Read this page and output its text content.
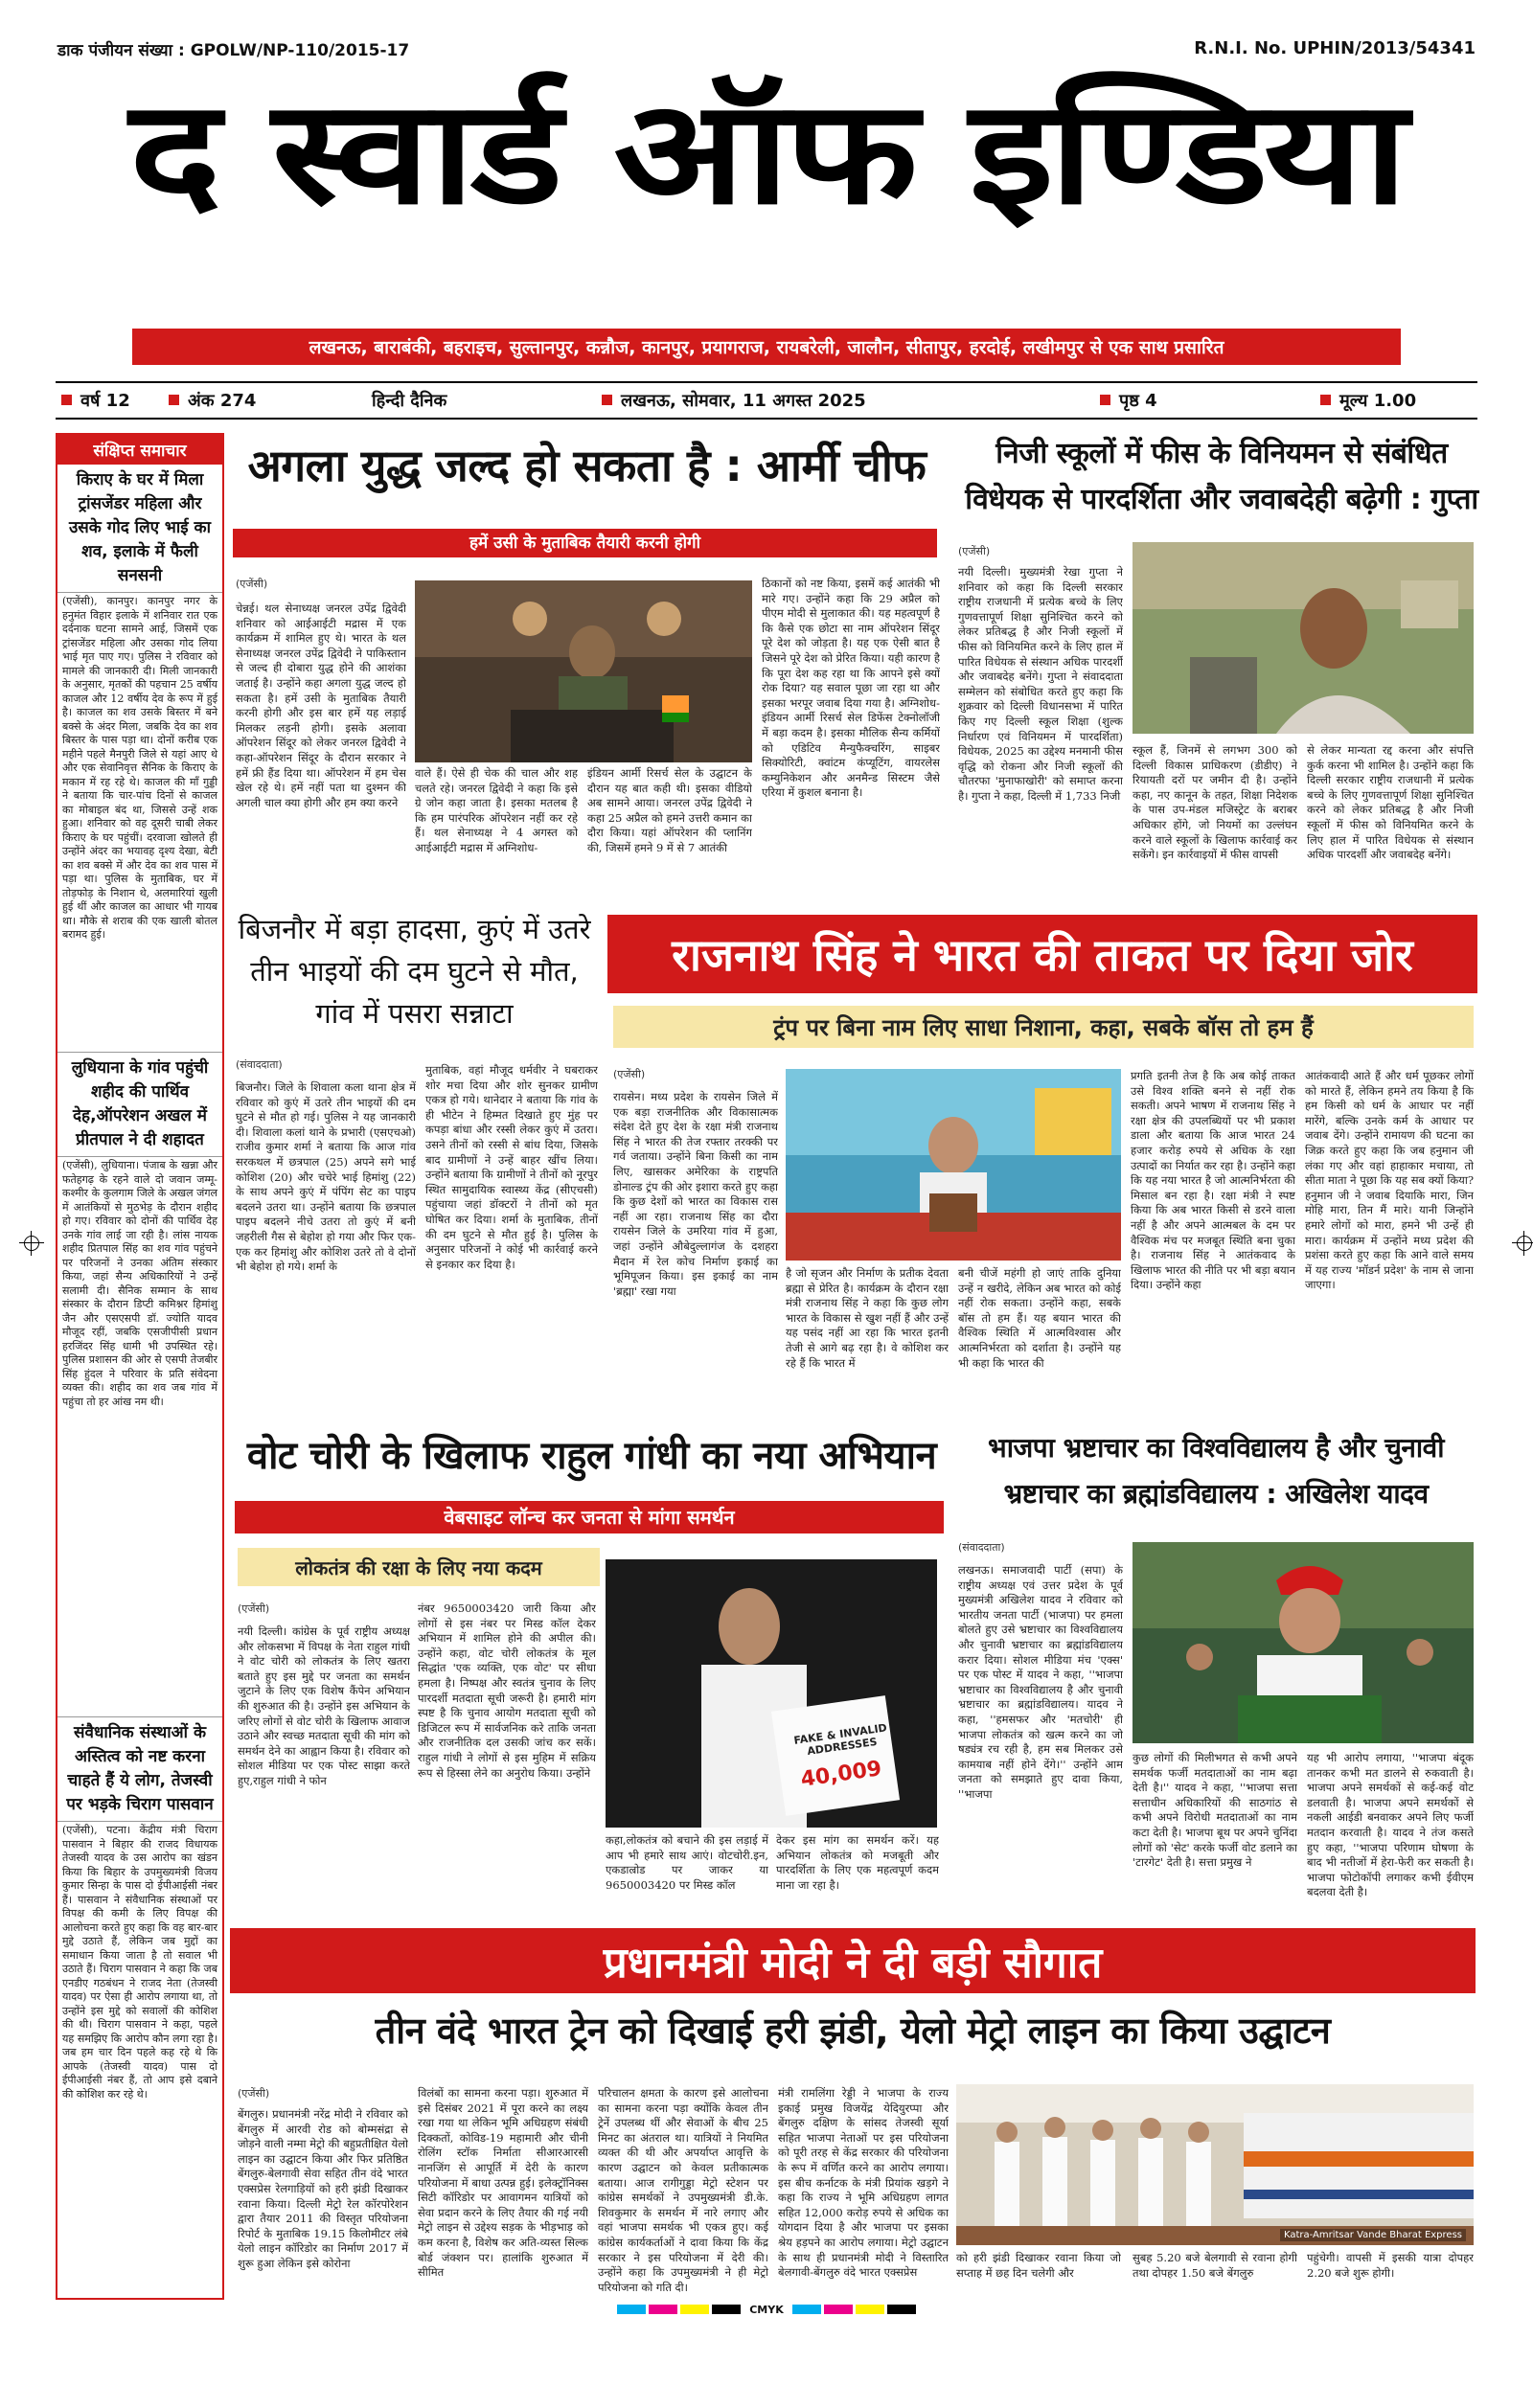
डाक पंजीयन संख्या : GPOLW/NP-110/2015-17	R.N.I. No. UPHIN/2013/54341
द स्वार्ड ऑफ इण्डिया
लखनऊ, बाराबंकी, बहराइच, सुल्तानपुर, कन्नौज, कानपुर, प्रयागराज, रायबरेली, जालौन, सीतापुर, हरदोई, लखीमपुर से एक साथ प्रसारित
वर्ष 12	अंक 274	हिन्दी दैनिक	लखनऊ, सोमवार, 11 अगस्त 2025	पृष्ठ 4	मूल्य 1.00

संक्षिप्त समाचार
किराए के घर में मिला ट्रांसजेंडर महिला और उसके गोद लिए भाई का शव, इलाके में फैली सनसनी
(एजेंसी), कानपुर। कानपुर नगर के हनुमंत विहार इलाके में शनिवार रात एक दर्दनाक घटना सामने आई, जिसमें एक ट्रांसजेंडर महिला और उसका गोद लिया भाई मृत पाए गए। पुलिस ने रविवार को मामले की जानकारी दी। मिली जानकारी के अनुसार, मृतकों की पहचान 25 वर्षीय काजल और 12 वर्षीय देव के रूप में हुई है। काजल का शव उसके बिस्तर में बने बक्से के अंदर मिला, जबकि देव का शव बिस्तर के पास पड़ा था। दोनों करीब एक महीने पहले मैनपुरी जिले से यहां आए थे और एक सेवानिवृत्त सैनिक के किराए के मकान में रह रहे थे। काजल की माँ गुड्डी ने बताया कि चार-पांच दिनों से काजल का मोबाइल बंद था, जिससे उन्हें शक हुआ। शनिवार को वह दूसरी चाबी लेकर किराए के घर पहुंचीं। दरवाजा खोलते ही उन्होंने अंदर का भयावह दृश्य देखा, बेटी का शव बक्से में और देव का शव पास में पड़ा था। पुलिस के मुताबिक, घर में तोड़फोड़ के निशान थे, अलमारियां खुली हुई थीं और काजल का आधार भी गायब था। मौके से शराब की एक खाली बोतल बरामद हुई।
लुधियाना के गांव पहुंची शहीद की पार्थिव देह,ऑपरेशन अखल में प्रीतपाल ने दी शहादत
(एजेंसी), लुधियाना। पंजाब के खन्ना और फतेहगढ़ के रहने वाले दो जवान जम्मू-कश्मीर के कुलगाम जिले के अखल जंगल में आतंकियों से मुठभेड़ के दौरान शहीद हो गए। रविवार को दोनों की पार्थिव देह उनके गांव लाई जा रही है। लांस नायक शहीद प्रितपाल सिंह का शव गांव पहुंचने पर परिजनों ने उनका अंतिम संस्कार किया, जहां सैन्य अधिकारियों ने उन्हें सलामी दी। सैनिक सम्मान के साथ संस्कार के दौरान डिप्टी कमिश्नर हिमांशु जैन और एसएसपी डॉ. ज्योति यादव मौजूद रहीं, जबकि एसजीपीसी प्रधान हरजिंदर सिंह धामी भी उपस्थित रहे। पुलिस प्रशासन की ओर से एसपी तेजबीर सिंह हुंदल ने परिवार के प्रति संवेदना व्यक्त की। शहीद का शव जब गांव में पहुंचा तो हर आंख नम थी।
संवैधानिक संस्थाओं के अस्तित्व को नष्ट करना चाहते हैं ये लोग, तेजस्वी पर भड़के चिराग पासवान
(एजेंसी), पटना। केंद्रीय मंत्री चिराग पासवान ने बिहार की राजद विधायक तेजस्वी यादव के उस आरोप का खंडन किया कि बिहार के उपमुख्यमंत्री विजय कुमार सिन्हा के पास दो ईपीआईसी नंबर हैं। पासवान ने संवैधानिक संस्थाओं पर विपक्ष की कमी के लिए विपक्ष की आलोचना करते हुए कहा कि वह बार-बार मुद्दे उठाते हैं, लेकिन जब मुद्दों का समाधान किया जाता है तो सवाल भी उठाते हैं। चिराग पासवान ने कहा कि जब एनडीए गठबंधन ने राजद नेता (तेजस्वी यादव) पर ऐसा ही आरोप लगाया था, तो उन्होंने इस मुद्दे को सवालों की कोशिश की थी। चिराग पासवान ने कहा, पहले यह समझिए कि आरोप कौन लगा रहा है। जब हम चार दिन पहले कह रहे थे कि आपके (तेजस्वी यादव) पास दो ईपीआईसी नंबर हैं, तो आप इसे दबाने की कोशिश कर रहे थे।
अगला युद्ध जल्द हो सकता है : आर्मी चीफ
हमें उसी के मुताबिक तैयारी करनी होगी
(एजेंसी)
चेन्नई। थल सेनाध्यक्ष जनरल उपेंद्र द्विवेदी शनिवार को आईआईटी मद्रास में एक कार्यक्रम में शामिल हुए थे। भारत के थल सेनाध्यक्ष जनरल उपेंद्र द्विवेदी ने पाकिस्तान से जल्द ही दोबारा युद्ध होने की आशंका जताई है। उन्होंने कहा अगला युद्ध जल्द हो सकता है। हमें उसी के मुताबिक तैयारी करनी होगी और इस बार हमें यह लड़ाई मिलकर लड़नी होगी। इसके अलावा ऑपरेशन सिंदूर को लेकर जनरल द्विवेदी ने कहा-ऑपरेशन सिंदूर के दौरान सरकार ने हमें फ्री हैंड दिया था। ऑपरेशन में हम चेस खेल रहे थे। हमें नहीं पता था दुश्मन की अगली चाल क्या होगी और हम क्या करने
वाले हैं। ऐसे ही चेक की चाल और शह चलते रहे। जनरल द्विवेदी ने कहा कि इसे ग्रे जोन कहा जाता है। इसका मतलब है कि हम पारंपरिक ऑपरेशन नहीं कर रहे हैं। थल सेनाध्यक्ष ने 4 अगस्त को आईआईटी मद्रास में अग्निशोध-
इंडियन आर्मी रिसर्च सेल के उद्घाटन के दौरान यह बात कही थी। इसका वीडियो अब सामने आया। जनरल उपेंद्र द्विवेदी ने कहा 25 अप्रैल को हमने उत्तरी कमान का दौरा किया। यहां ऑपरेशन की प्लानिंग की, जिसमें हमने 9 में से 7 आतंकी
ठिकानों को नष्ट किया, इसमें कई आतंकी भी मारे गए। उन्होंने कहा कि 29 अप्रैल को पीएम मोदी से मुलाकात की। यह महत्वपूर्ण है कि कैसे एक छोटा सा नाम ऑपरेशन सिंदूर पूरे देश को जोड़ता है। यह एक ऐसी बात है जिसने पूरे देश को प्रेरित किया। यही कारण है कि पूरा देश कह रहा था कि आपने इसे क्यों रोक दिया? यह सवाल पूछा जा रहा था और इसका भरपूर जवाब दिया गया है। अग्निशोध-इंडियन आर्मी रिसर्च सेल डिफेंस टेक्नोलॉजी में बड़ा कदम है। इसका मौलिक सैन्य कर्मियों को एडिटिव मैन्युफैक्चरिंग, साइबर सिक्योरिटी, क्वांटम कंप्यूटिंग, वायरलेस कम्युनिकेशन और अनमैन्ड सिस्टम जैसे एरिया में कुशल बनाना है।
निजी स्कूलों में फीस के विनियमन से संबंधित
विधेयक से पारदर्शिता और जवाबदेही बढ़ेगी : गुप्ता
(एजेंसी)
नयी दिल्ली। मुख्यमंत्री रेखा गुप्ता ने शनिवार को कहा कि दिल्ली सरकार राष्ट्रीय राजधानी में प्रत्येक बच्चे के लिए गुणवत्तापूर्ण शिक्षा सुनिश्चित करने को लेकर प्रतिबद्ध है और निजी स्कूलों में फीस को विनियमित करने के लिए हाल में पारित विधेयक से संस्थान अधिक पारदर्शी और जवाबदेह बनेंगे। गुप्ता ने संवाददाता सम्मेलन को संबोधित करते हुए कहा कि शुक्रवार को दिल्ली विधानसभा में पारित किए गए दिल्ली स्कूल शिक्षा (शुल्क निर्धारण एवं विनियमन में पारदर्शिता) विधेयक, 2025 का उद्देश्य मनमानी फीस वृद्धि को रोकना और निजी स्कूलों की चौतरफा 'मुनाफाखोरी' को समाप्त करना है। गुप्ता ने कहा, दिल्ली में 1,733 निजी
स्कूल हैं, जिनमें से लगभग 300 को दिल्ली विकास प्राधिकरण (डीडीए) ने रियायती दरों पर जमीन दी है। उन्होंने कहा, नए कानून के तहत, शिक्षा निदेशक के पास उप-मंडल मजिस्ट्रेट के बराबर अधिकार होंगे, जो नियमों का उल्लंघन करने वाले स्कूलों के खिलाफ कार्रवाई कर सकेंगे। इन कार्रवाइयों में फीस वापसी
से लेकर मान्यता रद्द करना और संपत्ति कुर्क करना भी शामिल है। उन्होंने कहा कि दिल्ली सरकार राष्ट्रीय राजधानी में प्रत्येक बच्चे के लिए गुणवत्तापूर्ण शिक्षा सुनिश्चित करने को लेकर प्रतिबद्ध है और निजी स्कूलों में फीस को विनियमित करने के लिए हाल में पारित विधेयक से संस्थान अधिक पारदर्शी और जवाबदेह बनेंगे।
बिजनौर में बड़ा हादसा, कुएं में उतरे तीन भाइयों की दम घुटने से मौत, गांव में पसरा सन्नाटा
(संवाददाता)
बिजनौर। जिले के शिवाला कला थाना क्षेत्र में रविवार को कुएं में उतरे तीन भाइयों की दम घुटने से मौत हो गई। पुलिस ने यह जानकारी दी। शिवाला कलां थाने के प्रभारी (एसएचओ) राजीव कुमार शर्मा ने बताया कि आज गांव सरकथल में छत्रपाल (25) अपने सगे भाई कोशिश (20) और चचेरे भाई हिमांशु (22) के साथ अपने कुएं में पंपिंग सेट का पाइप बदलने उतरा था। उन्होंने बताया कि छत्रपाल पाइप बदलने नीचे उतरा तो कुएं में बनी जहरीली गैस से बेहोश हो गया और फिर एक-एक कर हिमांशु और कोशिश उतरे तो वे दोनों भी बेहोश हो गये। शर्मा के
मुताबिक, वहां मौजूद धर्मवीर ने घबराकर शोर मचा दिया और शोर सुनकर ग्रामीण एकत्र हो गये। थानेदार ने बताया कि गांव के ही भीटेन ने हिम्मत दिखाते हुए मुंह पर कपड़ा बांधा और रस्सी लेकर कुएं में उतरा। उसने तीनों को रस्सी से बांध दिया, जिसके बाद ग्रामीणों ने उन्हें बाहर खींच लिया। उन्होंने बताया कि ग्रामीणों ने तीनों को नूरपुर स्थित सामुदायिक स्वास्थ्य केंद्र (सीएचसी) पहुंचाया जहां डॉक्टरों ने तीनों को मृत घोषित कर दिया। शर्मा के मुताबिक, तीनों की दम घुटने से मौत हुई है। पुलिस के अनुसार परिजनों ने कोई भी कार्रवाई करने से इनकार कर दिया है।
राजनाथ सिंह ने भारत की ताकत पर दिया जोर
ट्रंप पर बिना नाम लिए साधा निशाना, कहा, सबके बॉस तो हम हैं
(एजेंसी)
रायसेन। मध्य प्रदेश के रायसेन जिले में एक बड़ा राजनीतिक और विकासात्मक संदेश देते हुए देश के रक्षा मंत्री राजनाथ सिंह ने भारत की तेज रफ्तार तरक्की पर गर्व जताया। उन्होंने बिना किसी का नाम लिए, खासकर अमेरिका के राष्ट्रपति डोनाल्ड ट्रंप की ओर इशारा करते हुए कहा कि कुछ देशों को भारत का विकास रास नहीं आ रहा। राजनाथ सिंह का दौरा रायसेन जिले के उमरिया गांव में हुआ, जहां उन्होंने औबेदुल्लागंज के दशहरा मैदान में रेल कोच निर्माण इकाई का भूमिपूजन किया। इस इकाई का नाम 'ब्रह्मा' रखा गया
है जो सृजन और निर्माण के प्रतीक देवता ब्रह्मा से प्रेरित है। कार्यक्रम के दौरान रक्षा मंत्री राजनाथ सिंह ने कहा कि कुछ लोग भारत के विकास से खुश नहीं हैं और उन्हें यह पसंद नहीं आ रहा कि भारत इतनी तेजी से आगे बढ़ रहा है। वे कोशिश कर रहे हैं कि भारत में
बनी चीजें महंगी हो जाएं ताकि दुनिया उन्हें न खरीदे, लेकिन अब भारत को कोई नहीं रोक सकता। उन्होंने कहा, सबके बॉस तो हम हैं। यह बयान भारत की वैश्विक स्थिति में आत्मविश्वास और आत्मनिर्भरता को दर्शाता है। उन्होंने यह भी कहा कि भारत की
प्रगति इतनी तेज है कि अब कोई ताकत उसे विश्व शक्ति बनने से नहीं रोक सकती। अपने भाषण में राजनाथ सिंह ने रक्षा क्षेत्र की उपलब्धियों पर भी प्रकाश डाला और बताया कि आज भारत 24 हजार करोड़ रुपये से अधिक के रक्षा उत्पादों का निर्यात कर रहा है। उन्होंने कहा कि यह नया भारत है जो आत्मनिर्भरता की मिसाल बन रहा है। रक्षा मंत्री ने स्पष्ट किया कि अब भारत किसी से डरने वाला नहीं है और अपने आत्मबल के दम पर वैश्विक मंच पर मजबूत स्थिति बना चुका है। राजनाथ सिंह ने आतंकवाद के खिलाफ भारत की नीति पर भी बड़ा बयान दिया। उन्होंने कहा
आतंकवादी आते हैं और धर्म पूछकर लोगों को मारते हैं, लेकिन हमने तय किया है कि हम किसी को धर्म के आधार पर नहीं मारेंगे, बल्कि उनके कर्म के आधार पर जवाब देंगे। उन्होंने रामायण की घटना का जिक्र करते हुए कहा कि जब हनुमान जी लंका गए और वहां हाहाकार मचाया, तो सीता माता ने पूछा कि यह सब क्यों किया? हनुमान जी ने जवाब दियाकि मारा, जिन मोहि मारा, तिन मैं मारे। यानी जिन्होंने हमारे लोगों को मारा, हमने भी उन्हें ही मारा। कार्यक्रम में उन्होंने मध्य प्रदेश की प्रशंसा करते हुए कहा कि आने वाले समय में यह राज्य 'मॉडर्न प्रदेश' के नाम से जाना जाएगा।
वोट चोरी के खिलाफ राहुल गांधी का नया अभियान
वेबसाइट लॉन्च कर जनता से मांगा समर्थन
लोकतंत्र की रक्षा के लिए नया कदम
(एजेंसी)
नयी दिल्ली। कांग्रेस के पूर्व राष्ट्रीय अध्यक्ष और लोकसभा में विपक्ष के नेता राहुल गांधी ने वोट चोरी को लोकतंत्र के लिए खतरा बताते हुए इस मुद्दे पर जनता का समर्थन जुटाने के लिए एक विशेष कैंपेन अभियान की शुरुआत की है। उन्होंने इस अभियान के जरिए लोगों से वोट चोरी के खिलाफ आवाज उठाने और स्वच्छ मतदाता सूची की मांग को समर्थन देने का आह्वान किया है। रविवार को सोशल मीडिया पर एक पोस्ट साझा करते हुए,राहुल गांधी ने फोन
नंबर 9650003420 जारी किया और लोगों से इस नंबर पर मिस्ड कॉल देकर अभियान में शामिल होने की अपील की। उन्होंने कहा, वोट चोरी लोकतंत्र के मूल सिद्धांत 'एक व्यक्ति, एक वोट' पर सीधा हमला है। निष्पक्ष और स्वतंत्र चुनाव के लिए पारदर्शी मतदाता सूची जरूरी है। हमारी मांग स्पष्ट है कि चुनाव आयोग मतदाता सूची को डिजिटल रूप में सार्वजनिक करे ताकि जनता और राजनीतिक दल उसकी जांच कर सकें। राहुल गांधी ने लोगों से इस मुहिम में सक्रिय रूप से हिस्सा लेने का अनुरोध किया। उन्होंने
FAKE & INVALID ADDRESSES
40,009
कहा,लोकतंत्र को बचाने की इस लड़ाई में आप भी हमारे साथ आएं। वोटचोरी.इन, एकडाल्रोड पर जाकर या 9650003420 पर मिस्ड कॉल
देकर इस मांग का समर्थन करें। यह अभियान लोकतंत्र को मजबूती और पारदर्शिता के लिए एक महत्वपूर्ण कदम माना जा रहा है।
भाजपा भ्रष्टाचार का विश्वविद्यालय है और चुनावी
भ्रष्टाचार का ब्रह्मांडविद्यालय : अखिलेश यादव
(संवाददाता)
लखनऊ। समाजवादी पार्टी (सपा) के राष्ट्रीय अध्यक्ष एवं उत्तर प्रदेश के पूर्व मुख्यमंत्री अखिलेश यादव ने रविवार को भारतीय जनता पार्टी (भाजपा) पर हमला बोलते हुए उसे भ्रष्टाचार का विश्वविद्यालय और चुनावी भ्रष्टाचार का ब्रह्मांडविद्यालय करार दिया। सोशल मीडिया मंच 'एक्स' पर एक पोस्ट में यादव ने कहा, ''भाजपा भ्रष्टाचार का विश्वविद्यालय है और चुनावी भ्रष्टाचार का ब्रह्मांडविद्यालय। यादव ने कहा, ''हमसफर और 'मतचोरी' ही भाजपा लोकतंत्र को खत्म करने का जो षड्यंत्र रच रही है, हम सब मिलकर उसे कामयाब नहीं होने देंगे।'' उन्होंने आम जनता को समझाते हुए दावा किया, ''भाजपा
कुछ लोगों की मिलीभगत से कभी अपने समर्थक फर्जी मतदाताओं का नाम बढ़ा देती है।'' यादव ने कहा, ''भाजपा सत्ता सत्ताधीन अधिकारियों की साठगांठ से कभी अपने विरोधी मतदाताओं का नाम कटा देती है। भाजपा बूथ पर अपने चुनिंदा लोगों को 'सेट' करके फर्जी वोट डलाने का 'टारगेट' देती है। सत्ता प्रमुख ने
यह भी आरोप लगाया, ''भाजपा बंदूक तानकर कभी मत डालने से रुकवाती है। भाजपा अपने समर्थकों से कई-कई वोट डलवाती है। भाजपा अपने समर्थकों से नकली आईडी बनवाकर अपने लिए फर्जी मतदान करवाती है। यादव ने तंज कसते हुए कहा, ''भाजपा परिणाम घोषणा के बाद भी नतीजों में हेरा-फेरी कर सकती है। भाजपा फोटोकॉपी लगाकर कभी ईवीएम बदलवा देती है।
प्रधानमंत्री मोदी ने दी बड़ी सौगात
तीन वंदे भारत ट्रेन को दिखाई हरी झंडी, येलो मेट्रो लाइन का किया उद्घाटन
(एजेंसी)
बेंगलुरु। प्रधानमंत्री नरेंद्र मोदी ने रविवार को बेंगलुरु में आरवी रोड को बोम्मसंद्रा से जोड़ने वाली नम्मा मेट्रो की बहुप्रतीक्षित येलो लाइन का उद्घाटन किया और फिर प्रतिष्ठित बेंगलुरु-बेलगावी सेवा सहित तीन वंदे भारत एक्सप्रेस रेलगाड़ियों को हरी झंडी दिखाकर रवाना किया। दिल्ली मेट्रो रेल कॉरपोरेशन द्वारा तैयार 2011 की विस्तृत परियोजना रिपोर्ट के मुताबिक 19.15 किलोमीटर लंबे येलो लाइन कॉरिडोर का निर्माण 2017 में शुरू हुआ लेकिन इसे कोरोना
विलंबों का सामना करना पड़ा। शुरुआत में इसे दिसंबर 2021 में पूरा करने का लक्ष्य रखा गया था लेकिन भूमि अधिग्रहण संबंधी दिक्कतों, कोविड-19 महामारी और चीनी रोलिंग स्टॉक निर्माता सीआरआरसी नानजिंग से आपूर्ति में देरी के कारण परियोजना में बाधा उत्पन्न हुई। इलेक्ट्रॉनिक्स सिटी कॉरिडोर पर आवागमन यात्रियों को सेवा प्रदान करने के लिए तैयार की गई नयी मेट्रो लाइन से उद्देश्य सड़क के भीड़भाड़ को कम करना है, विशेष कर अति-व्यस्त सिल्क बोर्ड जंक्शन पर। हालांकि शुरुआत में सीमित
परिचालन क्षमता के कारण इसे आलोचना का सामना करना पड़ा क्योंकि केवल तीन ट्रेनें उपलब्ध थीं और सेवाओं के बीच 25 मिनट का अंतराल था। यात्रियों ने नियमित व्यक्त की थी और अपर्याप्त आवृत्ति के कारण उद्घाटन को केवल प्रतीकात्मक बताया। आज रागीगुड्डा मेट्रो स्टेशन पर कांग्रेस समर्थकों ने उपमुख्यमंत्री डी.के. शिवकुमार के समर्थन में नारे लगाए और वहां भाजपा समर्थक भी एकत्र हुए। कई कांग्रेस कार्यकर्ताओं ने दावा किया कि केंद्र सरकार ने इस परियोजना में देरी की। उन्होंने कहा कि उपमुख्यमंत्री ने ही मेट्रो परियोजना को गति दी।
मंत्री रामलिंगा रेड्डी ने भाजपा के राज्य इकाई प्रमुख विजयेंद्र येदियुरप्पा और बेंगलुरु दक्षिण के सांसद तेजस्वी सूर्या सहित भाजपा नेताओं पर इस परियोजना को पूरी तरह से केंद्र सरकार की परियोजना के रूप में वर्णित करने का आरोप लगाया। इस बीच कर्नाटक के मंत्री प्रियांक खड़गे ने कहा कि राज्य ने भूमि अधिग्रहण लागत सहित 12,000 करोड़ रुपये से अधिक का योगदान दिया है और भाजपा पर इसका श्रेय हड़पने का आरोप लगाया। मेट्रो उद्घाटन के साथ ही प्रधानमंत्री मोदी ने विस्तारित बेलगावी-बेंगलुरु वंदे भारत एक्सप्रेस
Katra-Amritsar Vande Bharat Express
को हरी झंडी दिखाकर रवाना किया जो सप्ताह में छह दिन चलेगी और
सुबह 5.20 बजे बेलगावी से रवाना होगी तथा दोपहर 1.50 बजे बेंगलुरु
पहुंचेगी। वापसी में इसकी यात्रा दोपहर 2.20 बजे शुरू होगी।
CMYK
